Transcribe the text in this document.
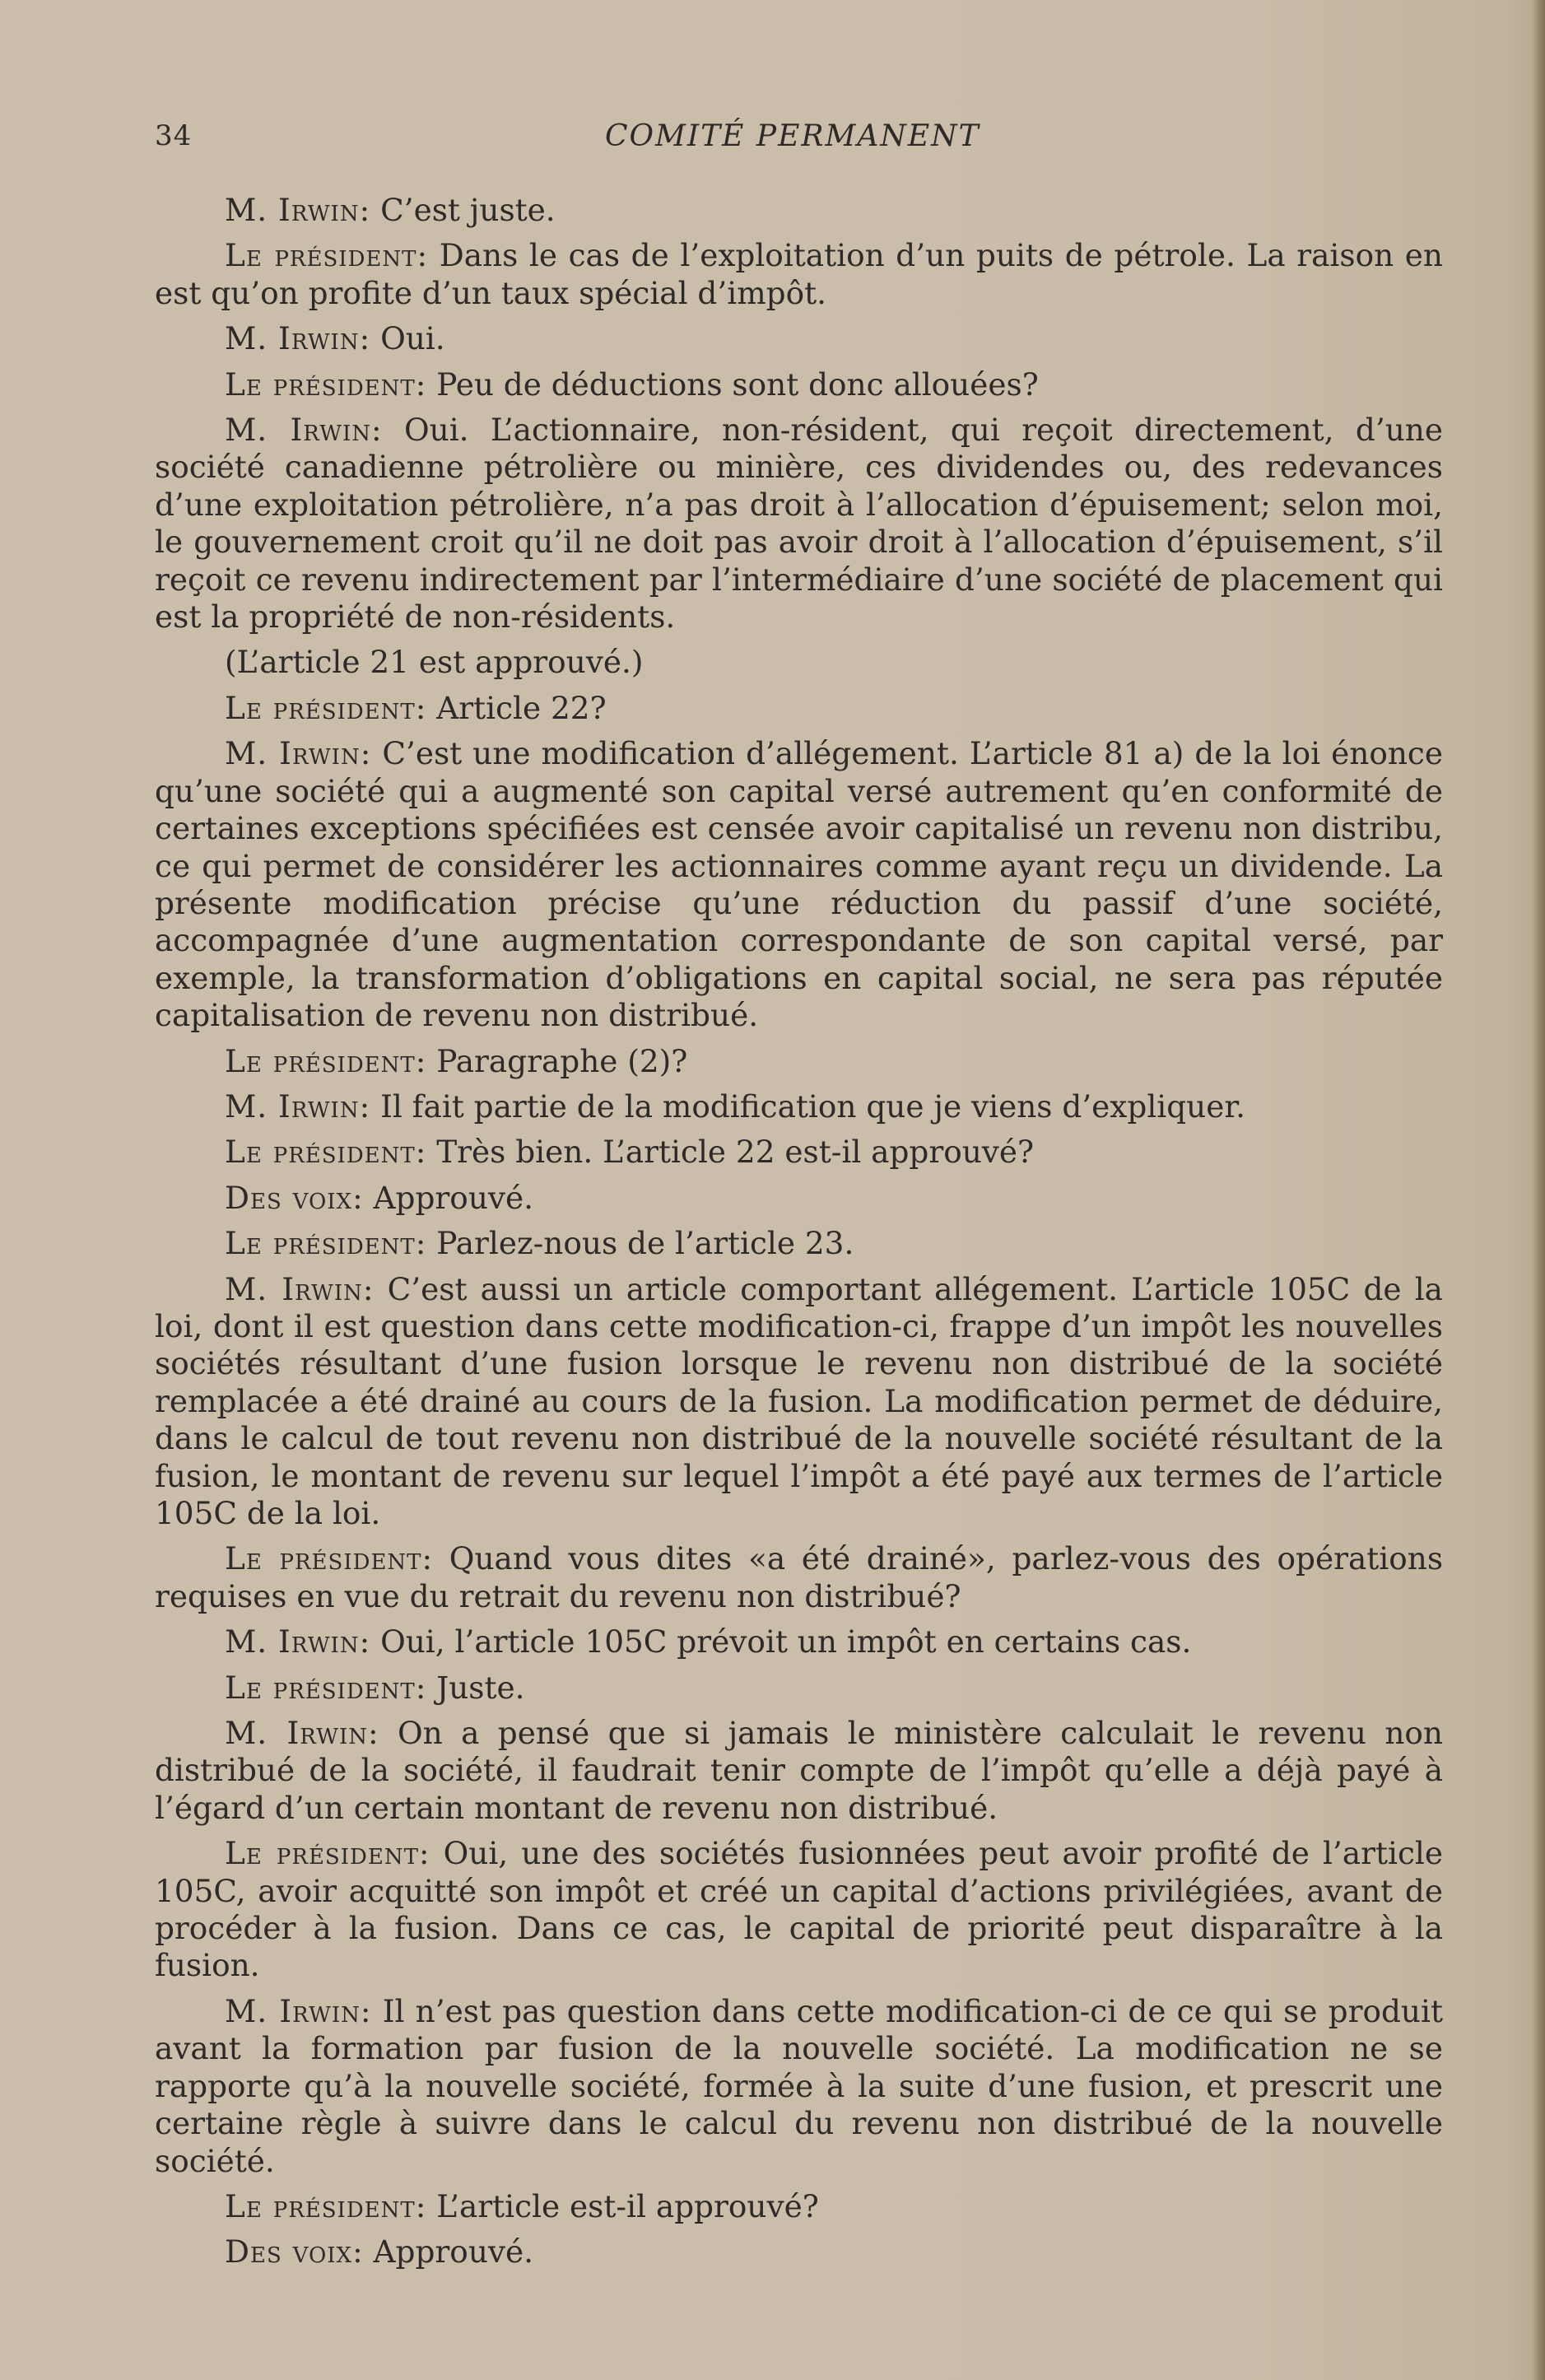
34	COMITÉ PERMANENT

M. Irwin: C’est juste.

Le président: Dans le cas de l’exploitation d’un puits de pétrole. La raison en est qu’on profite d’un taux spécial d’impôt.

M. Irwin: Oui.

Le président: Peu de déductions sont donc allouées?

M. Irwin: Oui. L’actionnaire, non-résident, qui reçoit directement, d’une société canadienne pétrolière ou minière, ces dividendes ou, des redevances d’une exploitation pétrolière, n’a pas droit à l’allocation d’épuisement; selon moi, le gouvernement croit qu’il ne doit pas avoir droit à l’allocation d’épuisement, s’il reçoit ce revenu indirectement par l’intermédiaire d’une société de placement qui est la propriété de non-résidents.

(L’article 21 est approuvé.)

Le président: Article 22?

M. Irwin: C’est une modification d’allégement. L’article 81 a) de la loi énonce qu’une société qui a augmenté son capital versé autrement qu’en conformité de certaines exceptions spécifiées est censée avoir capitalisé un revenu non distribu, ce qui permet de considérer les actionnaires comme ayant reçu un dividende. La présente modification précise qu’une réduction du passif d’une société, accompagnée d’une augmentation correspondante de son capital versé, par exemple, la transformation d’obligations en capital social, ne sera pas réputée capitalisation de revenu non distribué.

Le président: Paragraphe (2)?

M. Irwin: Il fait partie de la modification que je viens d’expliquer.

Le président: Très bien. L’article 22 est-il approuvé?

Des voix: Approuvé.

Le président: Parlez-nous de l’article 23.

M. Irwin: C’est aussi un article comportant allégement. L’article 105C de la loi, dont il est question dans cette modification-ci, frappe d’un impôt les nouvelles sociétés résultant d’une fusion lorsque le revenu non distribué de la société remplacée a été drainé au cours de la fusion. La modification permet de déduire, dans le calcul de tout revenu non distribué de la nouvelle société résultant de la fusion, le montant de revenu sur lequel l’impôt a été payé aux termes de l’article 105C de la loi.

Le président: Quand vous dites «a été drainé», parlez-vous des opérations requises en vue du retrait du revenu non distribué?

M. Irwin: Oui, l’article 105C prévoit un impôt en certains cas.

Le président: Juste.

M. Irwin: On a pensé que si jamais le ministère calculait le revenu non distribué de la société, il faudrait tenir compte de l’impôt qu’elle a déjà payé à l’égard d’un certain montant de revenu non distribué.

Le président: Oui, une des sociétés fusionnées peut avoir profité de l’article 105C, avoir acquitté son impôt et créé un capital d’actions privilégiées, avant de procéder à la fusion. Dans ce cas, le capital de priorité peut disparaître à la fusion.

M. Irwin: Il n’est pas question dans cette modification-ci de ce qui se produit avant la formation par fusion de la nouvelle société. La modification ne se rapporte qu’à la nouvelle société, formée à la suite d’une fusion, et prescrit une certaine règle à suivre dans le calcul du revenu non distribué de la nouvelle société.

Le président: L’article est-il approuvé?

Des voix: Approuvé.
